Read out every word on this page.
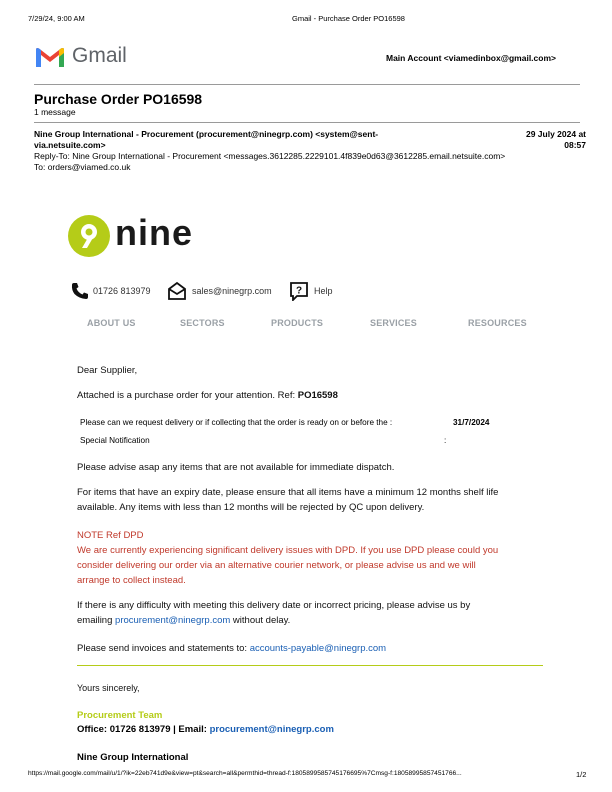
7/29/24, 9:00 AM	Gmail - Purchase Order PO16598
Gmail	Main Account <viamedinbox@gmail.com>
Purchase Order PO16598
1 message
Nine Group International - Procurement (procurement@ninegrp.com) <system@sent-
via.netsuite.com>
29 July 2024 at
08:57
Reply-To: Nine Group International - Procurement <messages.3612285.2229101.4f839e0d63@3612285.email.netsuite.com>
To: orders@viamed.co.uk
nine
01726 813979	sales@ninegrp.com ? Help
ABOUT US	SECTORS	PRODUCTS	SERVICES	RESOURCES
Dear Supplier,
Attached is a purchase order for your attention. Ref: PO16598
Please can we request delivery or if collecting that the order is ready on or before the :	31/7/2024
Special Notification	:
Please advise asap any items that are not available for immediate dispatch.
For items that have an expiry date, please ensure that all items have a minimum 12 months shelf life
available. Any items with less than 12 months will be rejected by QC upon delivery.
NOTE Ref DPD
We are currently experiencing significant delivery issues with DPD. If you use DPD please could you
consider delivering our order via an alternative courier network, or please advise us and we will
arrange to collect instead.
If there is any difficulty with meeting this delivery date or incorrect pricing, please advise us by
emailing procurement@ninegrp.com without delay.
Please send invoices and statements to: accounts-payable@ninegrp.com
Yours sincerely,
Procurement Team
Office: 01726 813979 | Email: procurement@ninegrp.com
Nine Group International
https://mail.google.com/mail/u/1/?ik=22eb741d9e&view=pt&search=all&permthid=thread-f:1805899585745176695%7Cmsg-f:18058995857451766...	1/2
